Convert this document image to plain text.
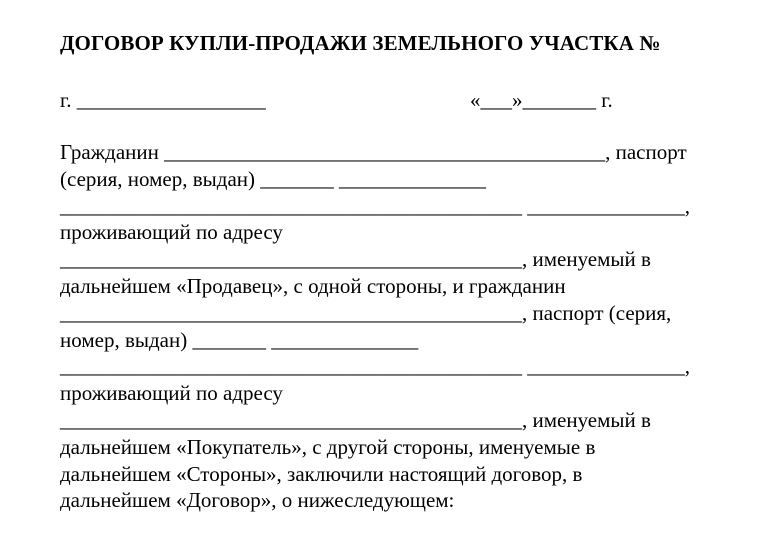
ДОГОВОР КУПЛИ-ПРОДАЖИ ЗЕМЕЛЬНОГО УЧАСТКА №
г. __________________	«___»_______ г.
Гражданин __________________________________________, паспорт
(серия, номер, выдан) _______ ______________
____________________________________________ _______________,
проживающий по адресу
____________________________________________, именуемый в
дальнейшем «Продавец», с одной стороны, и гражданин
____________________________________________, паспорт (серия,
номер, выдан) _______ ______________
____________________________________________ _______________,
проживающий по адресу
____________________________________________, именуемый в
дальнейшем «Покупатель», с другой стороны, именуемые в
дальнейшем «Стороны», заключили настоящий договор, в
дальнейшем «Договор», о нижеследующем:
